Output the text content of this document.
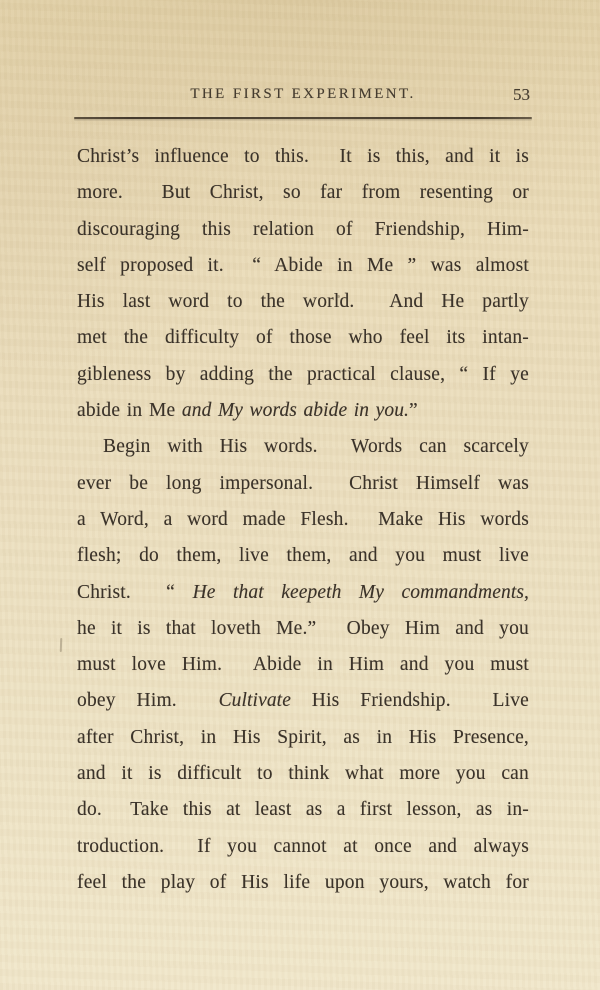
THE FIRST EXPERIMENT.	53
Christ’s influence to this.  It is this, and it is
more.  But Christ, so far from resenting or
discouraging this relation of Friendship, Him-
self proposed it.  “ Abide in Me ” was almost
His last word to the world.  And He partly
met the difficulty of those who feel its intan-
gibleness by adding the practical clause, “ If ye
abide in Me and My words abide in you.”
Begin with His words.  Words can scarcely
ever be long impersonal.  Christ Himself was
a Word, a word made Flesh.  Make His words
flesh; do them, live them, and you must live
Christ.  “ He that keepeth My commandments,
he it is that loveth Me.”  Obey Him and you
must love Him.  Abide in Him and you must
obey Him.  Cultivate His Friendship.  Live
after Christ, in His Spirit, as in His Presence,
and it is difficult to think what more you can
do.  Take this at least as a first lesson, as in-
troduction.  If you cannot at once and always
feel the play of His life upon yours, watch for
